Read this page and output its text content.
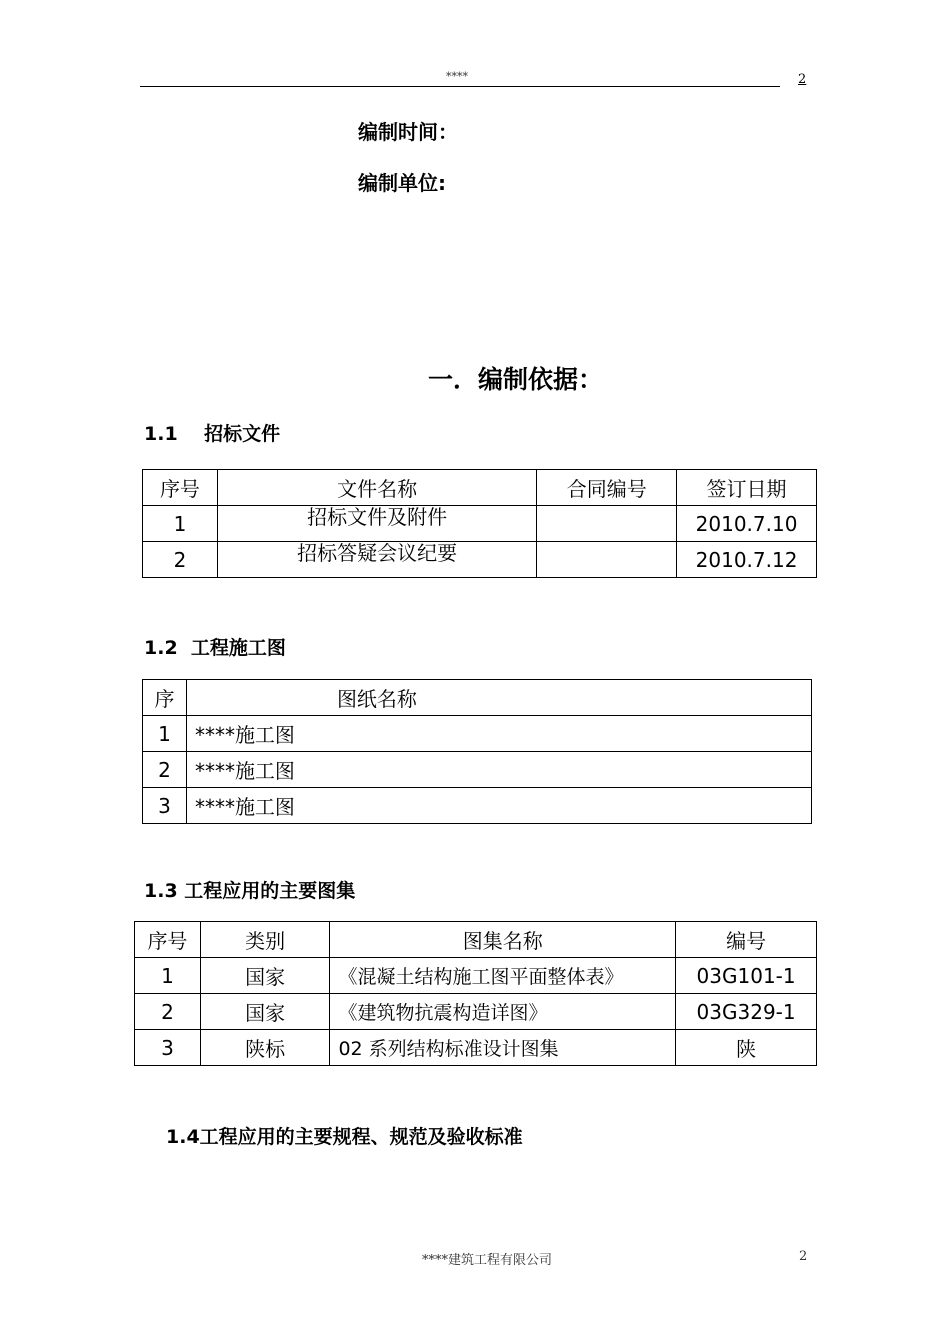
****	2
编制时间：
编制单位:
一．编制依据：
1.1    招标文件
序号	文件名称	合同编号	签订日期
1	招标文件及附件		2010.7.10
2	招标答疑会议纪要		2010.7.12
1.2  工程施工图
序	图纸名称
1	****施工图
2	****施工图
3	****施工图
1.3 工程应用的主要图集
序号	类别	图集名称	编号
1	国家	《混凝土结构施工图平面整体表》	03G101-1
2	国家	《建筑物抗震构造详图》	03G329-1
3	陕标	02 系列结构标准设计图集	陕
1.4工程应用的主要规程、规范及验收标准
****建筑工程有限公司	2
